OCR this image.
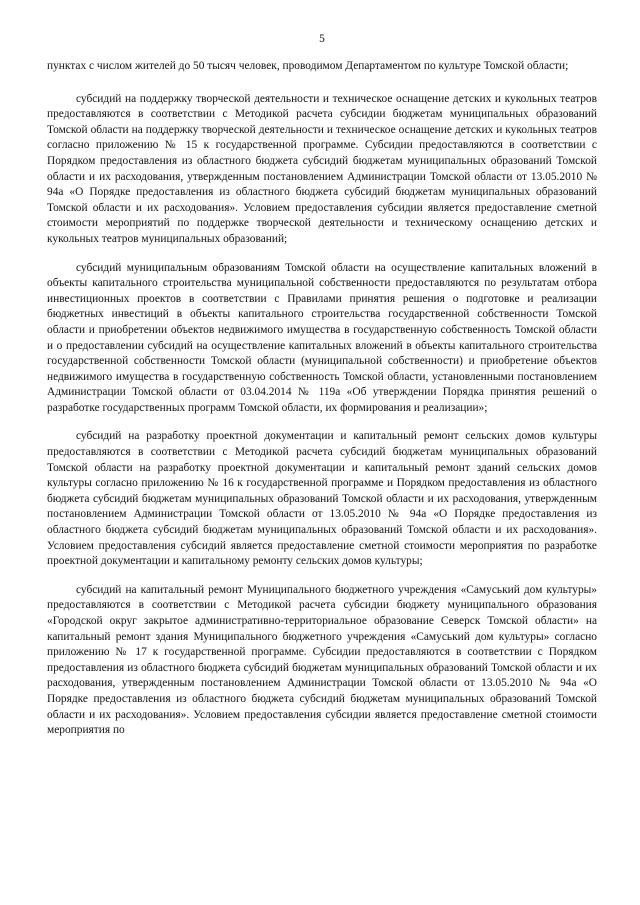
5

пунктах с числом жителей до 50 тысяч человек, проводимом Департаментом по культуре Томской области;

субсидий на поддержку творческой деятельности и техническое оснащение детских и кукольных театров предоставляются в соответствии с Методикой расчета субсидии бюджетам муниципальных образований Томской области на поддержку творческой деятельности и техническое оснащение детских и кукольных театров согласно приложению № 15 к государственной программе. Субсидии предоставляются в соответствии с Порядком предоставления из областного бюджета субсидий бюджетам муниципальных образований Томской области и их расходования, утвержденным постановлением Администрации Томской области от 13.05.2010 № 94а «О Порядке предоставления из областного бюджета субсидий бюджетам муниципальных образований Томской области и их расходования». Условием предоставления субсидии является предоставление сметной стоимости мероприятий по поддержке творческой деятельности и техническому оснащению детских и кукольных театров муниципальных образований;

субсидий муниципальным образованиям Томской области на осуществление капитальных вложений в объекты капитального строительства муниципальной собственности предоставляются по результатам отбора инвестиционных проектов в соответствии с Правилами принятия решения о подготовке и реализации бюджетных инвестиций в объекты капитального строительства государственной собственности Томской области и приобретении объектов недвижимого имущества в государственную собственность Томской области и о предоставлении субсидий на осуществление капитальных вложений в объекты капитального строительства государственной собственности Томской области (муниципальной собственности) и приобретение объектов недвижимого имущества в государственную собственность Томской области, установленными постановлением Администрации Томской области от 03.04.2014 № 119а «Об утверждении Порядка принятия решений о разработке государственных программ Томской области, их формирования и реализации»;

субсидий на разработку проектной документации и капитальный ремонт сельских домов культуры предоставляются в соответствии с Методикой расчета субсидий бюджетам муниципальных образований Томской области на разработку проектной документации и капитальный ремонт зданий сельских домов культуры согласно приложению № 16 к государственной программе и Порядком предоставления из областного бюджета субсидий бюджетам муниципальных образований Томской области и их расходования, утвержденным постановлением Администрации Томской области от 13.05.2010 № 94а «О Порядке предоставления из областного бюджета субсидий бюджетам муниципальных образований Томской области и их расходования». Условием предоставления субсидий является предоставление сметной стоимости мероприятия по разработке проектной документации и капитальному ремонту сельских домов культуры;

субсидий на капитальный ремонт Муниципального бюджетного учреждения «Самуський дом культуры» предоставляются в соответствии с Методикой расчета субсидии бюджету муниципального образования «Городской округ закрытое административно-территориальное образование Северск Томской области» на капитальный ремонт здания Муниципального бюджетного учреждения «Самуський дом культуры» согласно приложению № 17 к государственной программе. Субсидии предоставляются в соответствии с Порядком предоставления из областного бюджета субсидий бюджетам муниципальных образований Томской области и их расходования, утвержденным постановлением Администрации Томской области от 13.05.2010 № 94а «О Порядке предоставления из областного бюджета субсидий бюджетам муниципальных образований Томской области и их расходования». Условием предоставления субсидии является предоставление сметной стоимости мероприятия по
